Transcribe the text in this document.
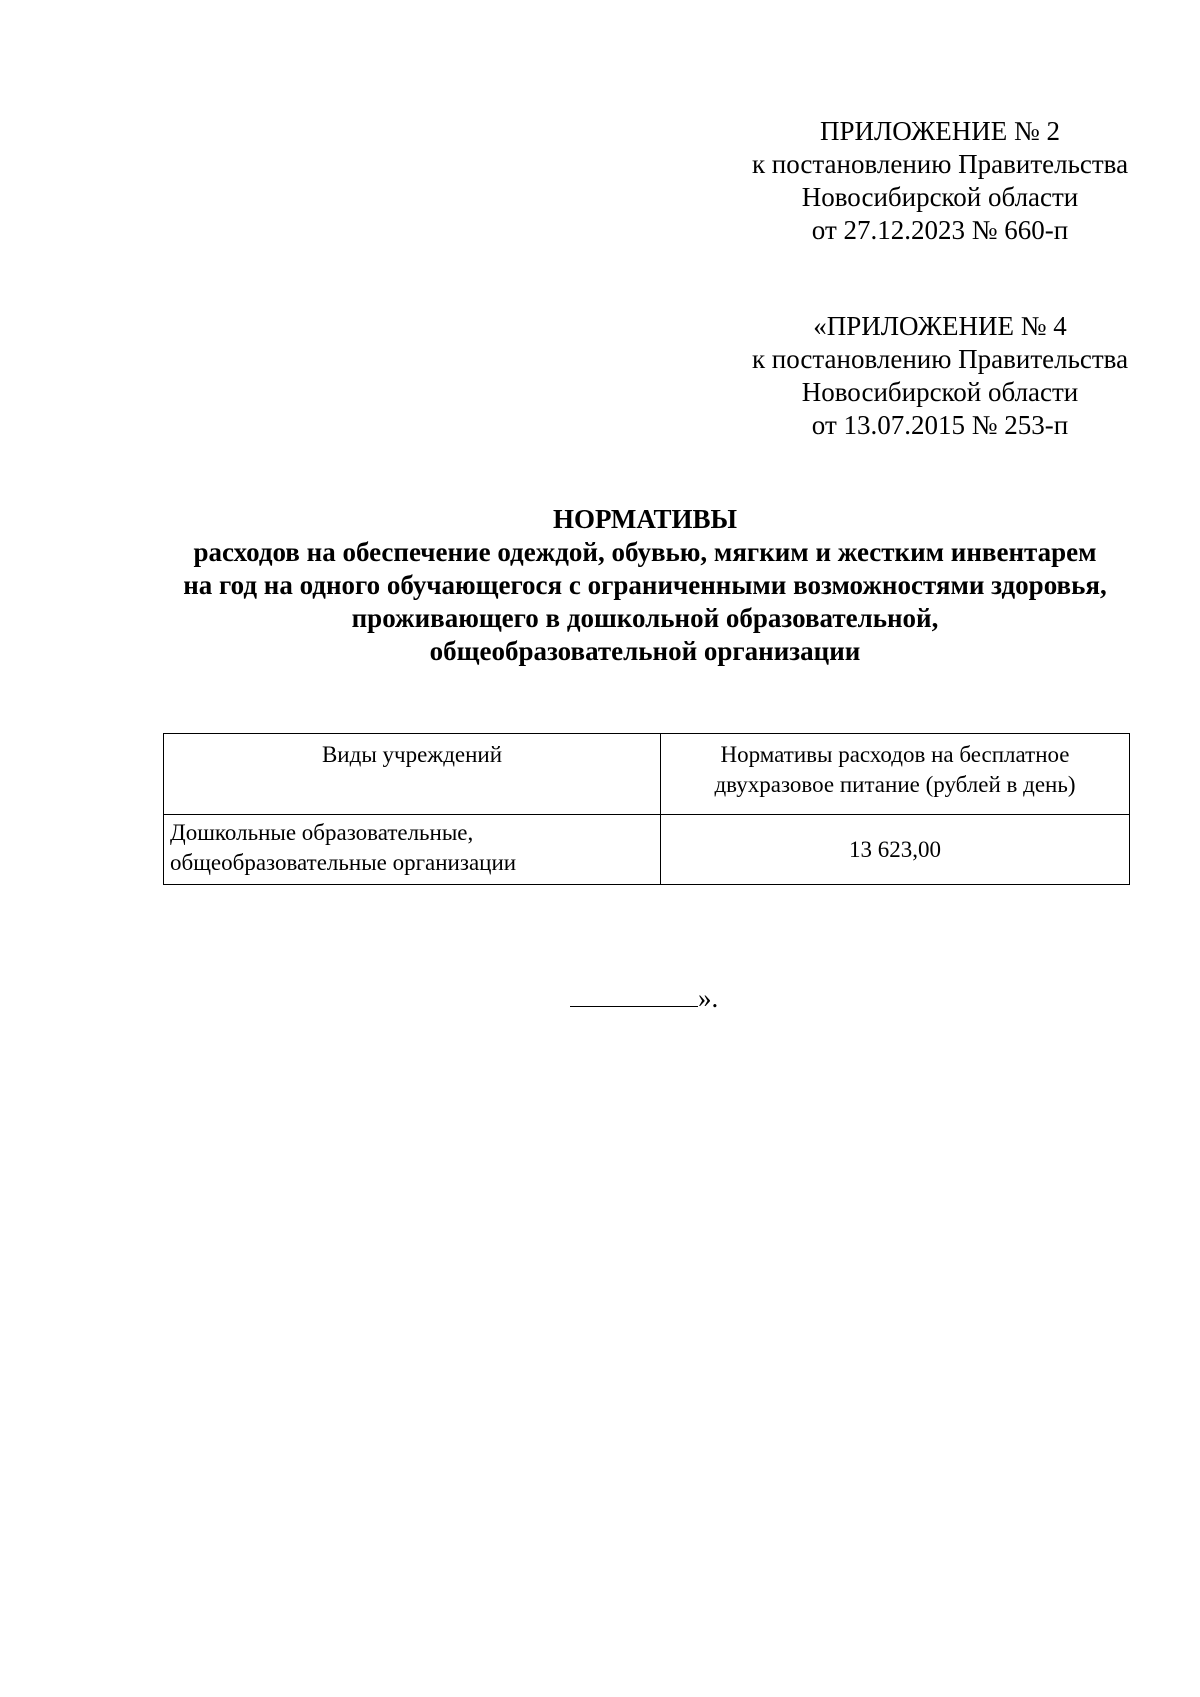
ПРИЛОЖЕНИЕ № 2
к постановлению Правительства
Новосибирской области
от 27.12.2023 № 660-п
«ПРИЛОЖЕНИЕ № 4
к постановлению Правительства
Новосибирской области
от 13.07.2015 № 253-п
НОРМАТИВЫ
расходов на обеспечение одеждой, обувью, мягким и жестким инвентарем
на год на одного обучающегося с ограниченными возможностями здоровья,
проживающего в дошкольной образовательной,
общеобразовательной организации
Виды учреждений	Нормативы расходов на бесплатное
двухразовое питание (рублей в день)

Дошкольные образовательные,
общеобразовательные организации	13 623,00
».
